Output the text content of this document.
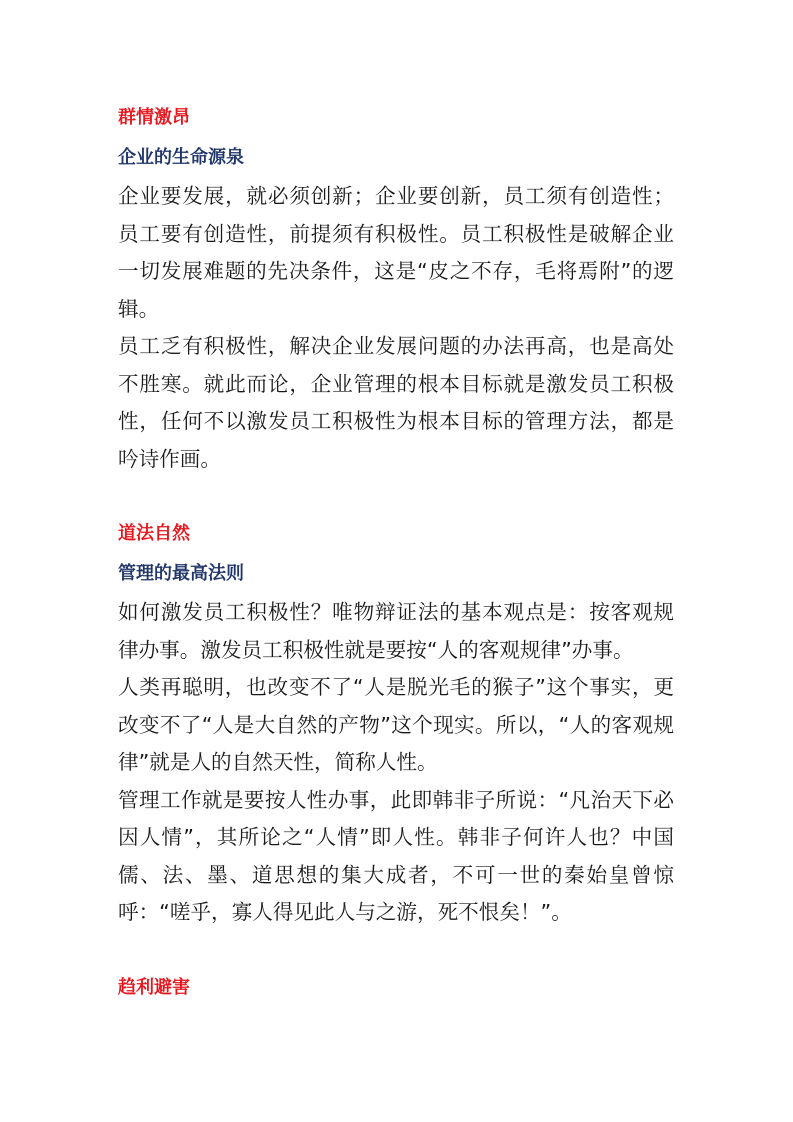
群情激昂
企业的生命源泉

企业要发展，就必须创新；企业要创新，员工须有创造性；员工要有创造性，前提须有积极性。员工积极性是破解企业一切发展难题的先决条件，这是“皮之不存，毛将焉附”的逻辑。

员工乏有积极性，解决企业发展问题的办法再高，也是高处不胜寒。就此而论，企业管理的根本目标就是激发员工积极性，任何不以激发员工积极性为根本目标的管理方法，都是吟诗作画。

道法自然
管理的最高法则

如何激发员工积极性？唯物辩证法的基本观点是：按客观规律办事。激发员工积极性就是要按“人的客观规律”办事。

人类再聪明，也改变不了“人是脱光毛的猴子”这个事实，更改变不了“人是大自然的产物”这个现实。所以，“人的客观规律”就是人的自然天性，简称人性。

管理工作就是要按人性办事，此即韩非子所说：“凡治天下必因人情”，其所论之“人情”即人性。韩非子何许人也？中国儒、法、墨、道思想的集大成者，不可一世的秦始皇曾惊呼：“嗟乎，寡人得见此人与之游，死不恨矣！”。

趋利避害
